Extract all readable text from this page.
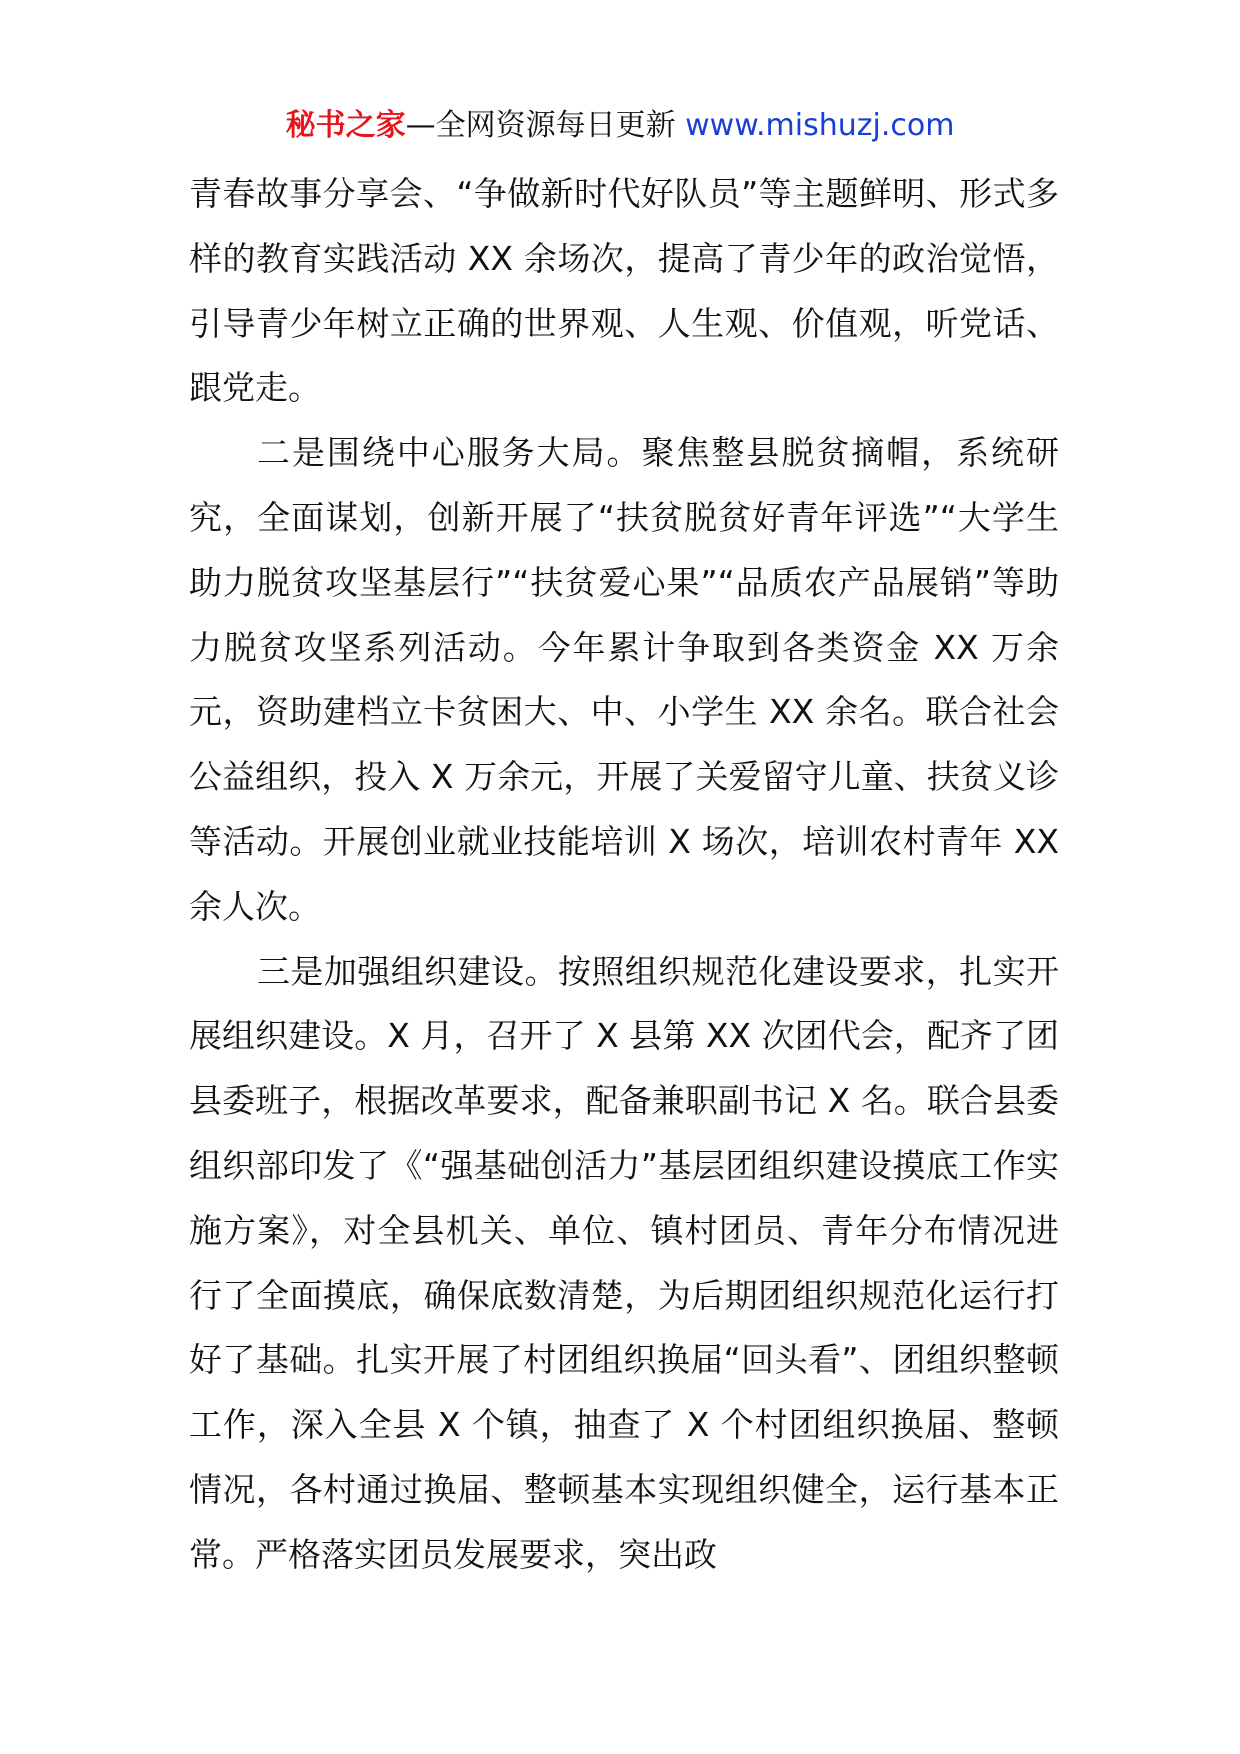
秘书之家—全网资源每日更新 www.mishuzj.com

青春故事分享会、“争做新时代好队员”等主题鲜明、形式多样的教育实践活动 XX 余场次，提高了青少年的政治觉悟，引导青少年树立正确的世界观、人生观、价值观，听党话、跟党走。

二是围绕中心服务大局。聚焦整县脱贫摘帽，系统研究，全面谋划，创新开展了“扶贫脱贫好青年评选”“大学生助力脱贫攻坚基层行”“扶贫爱心果”“品质农产品展销”等助力脱贫攻坚系列活动。今年累计争取到各类资金 XX 万余元，资助建档立卡贫困大、中、小学生 XX 余名。联合社会公益组织，投入 X 万余元，开展了关爱留守儿童、扶贫义诊等活动。开展创业就业技能培训 X 场次，培训农村青年 XX 余人次。

三是加强组织建设。按照组织规范化建设要求，扎实开展组织建设。X 月，召开了 X 县第 XX 次团代会，配齐了团县委班子，根据改革要求，配备兼职副书记 X 名。联合县委组织部印发了《“强基础创活力”基层团组织建设摸底工作实施方案》，对全县机关、单位、镇村团员、青年分布情况进行了全面摸底，确保底数清楚，为后期团组织规范化运行打好了基础。扎实开展了村团组织换届“回头看”、团组织整顿工作，深入全县 X 个镇，抽查了 X 个村团组织换届、整顿情况，各村通过换届、整顿基本实现组织健全，运行基本正常。严格落实团员发展要求，突出政
